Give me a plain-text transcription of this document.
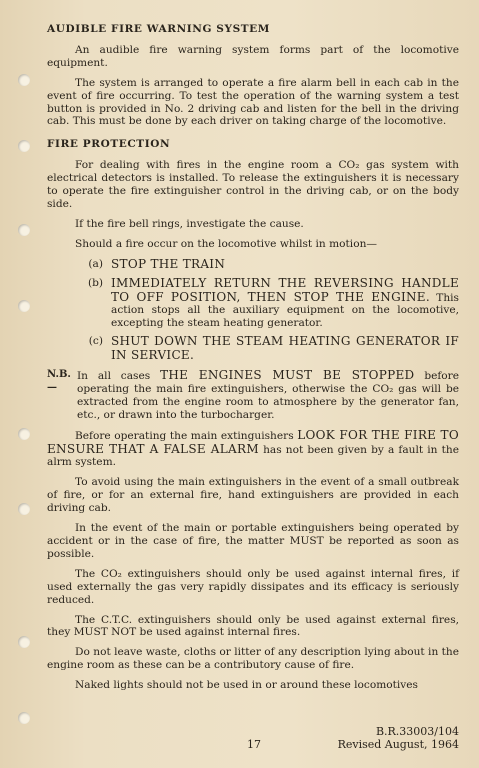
AUDIBLE FIRE WARNING SYSTEM

An audible fire warning system forms part of the locomotive equipment.

The system is arranged to operate a fire alarm bell in each cab in the event of fire occurring. To test the operation of the warning system a test button is provided in No. 2 driving cab and listen for the bell in the driving cab. This must be done by each driver on taking charge of the locomotive.

FIRE PROTECTION

For dealing with fires in the engine room a CO₂ gas system with electrical detectors is installed. To release the extinguishers it is necessary to operate the fire extinguisher control in the driving cab, or on the body side.

If the fire bell rings, investigate the cause.

Should a fire occur on the locomotive whilst in motion—

(a) STOP THE TRAIN
(b) IMMEDIATELY RETURN THE REVERSING HANDLE TO OFF POSITION, THEN STOP THE ENGINE. This action stops all the auxiliary equipment on the locomotive, excepting the steam heating generator.
(c) SHUT DOWN THE STEAM HEATING GENERATOR IF IN SERVICE.
N.B.—
In all cases THE ENGINES MUST BE STOPPED before operating the main fire extinguishers, otherwise the CO₂ gas will be extracted from the engine room to atmosphere by the generator fan, etc., or drawn into the turbocharger.

Before operating the main extinguishers LOOK FOR THE FIRE TO ENSURE THAT A FALSE ALARM has not been given by a fault in the alrm system.

To avoid using the main extinguishers in the event of a small outbreak of fire, or for an external fire, hand extinguishers are provided in each driving cab.

In the event of the main or portable extinguishers being operated by accident or in the case of fire, the matter MUST be reported as soon as possible.

The CO₂ extinguishers should only be used against internal fires, if used externally the gas very rapidly dissipates and its efficacy is seriously reduced.

The C.T.C. extinguishers should only be used against external fires, they MUST NOT be used against internal fires.

Do not leave waste, cloths or litter of any description lying about in the engine room as these can be a contributory cause of fire.

Naked lights should not be used in or around these locomotives

B.R.33003/104
17	Revised August, 1964
